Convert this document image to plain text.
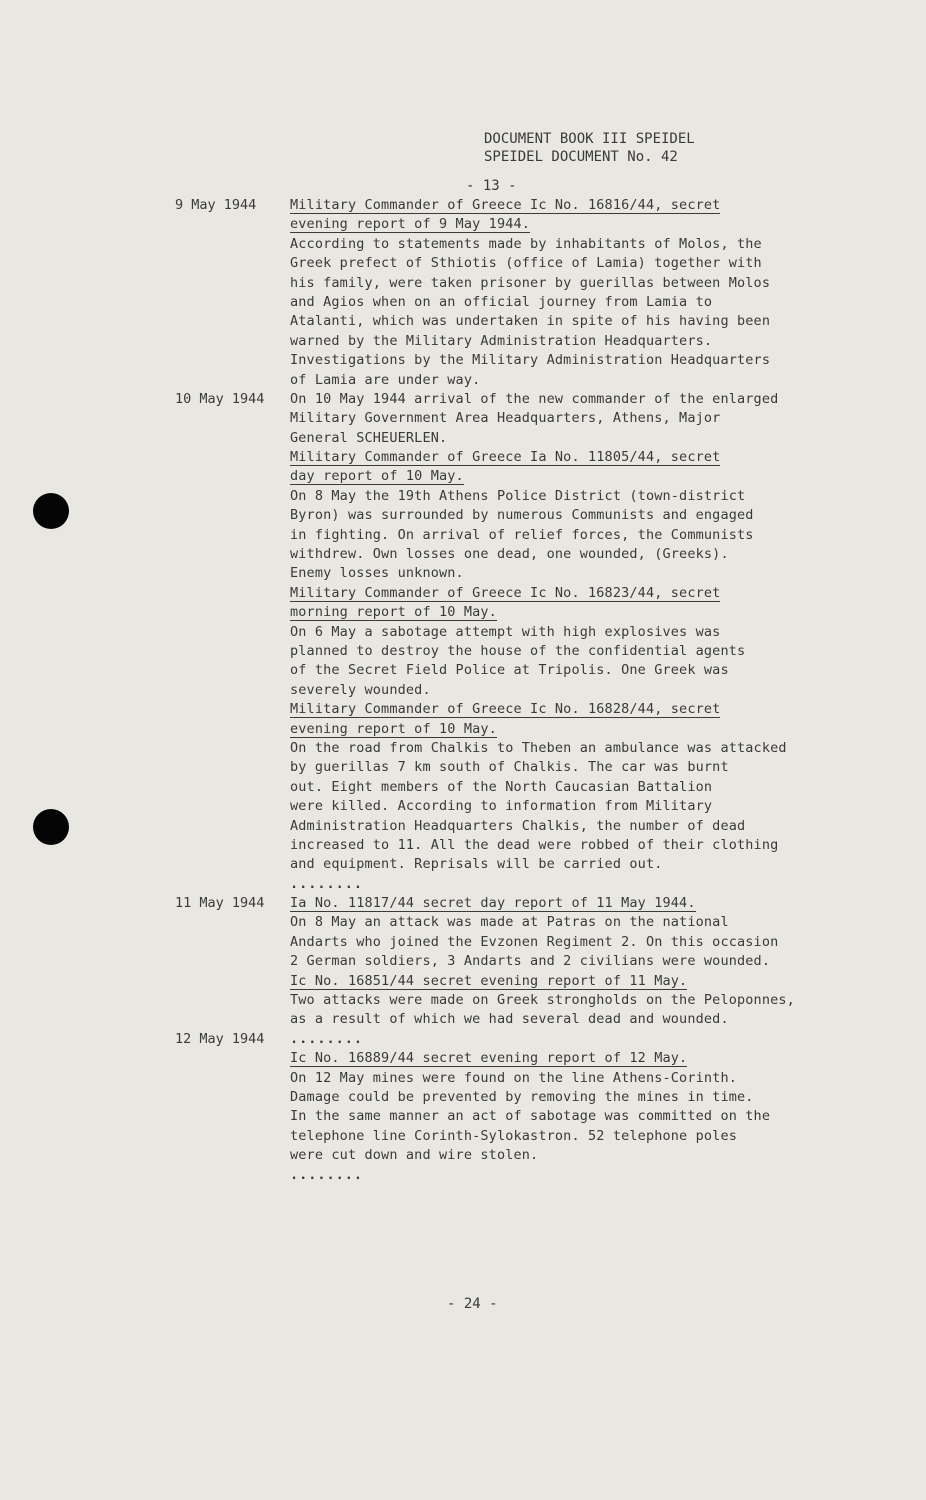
DOCUMENT BOOK III SPEIDEL
SPEIDEL DOCUMENT No. 42
- 13 -
9 May 1944 Military Commander of Greece Ic No. 16816/44, secret
evening report of 9 May 1944.
According to statements made by inhabitants of Molos, the
Greek prefect of Sthiotis (office of Lamia) together with
his family, were taken prisoner by guerillas between Molos
and Agios when on an official journey from Lamia to
Atalanti, which was undertaken in spite of his having been
warned by the Military Administration Headquarters.
Investigations by the Military Administration Headquarters
of Lamia are under way.
10 May 1944 On 10 May 1944 arrival of the new commander of the enlarged
Military Government Area Headquarters, Athens, Major
General SCHEUERLEN.
Military Commander of Greece Ia No. 11805/44, secret
day report of 10 May.
On 8 May the 19th Athens Police District (town-district
Byron) was surrounded by numerous Communists and engaged
in fighting. On arrival of relief forces, the Communists
withdrew. Own losses one dead, one wounded, (Greeks).
Enemy losses unknown.
Military Commander of Greece Ic No. 16823/44, secret
morning report of 10 May.
On 6 May a sabotage attempt with high explosives was
planned to destroy the house of the confidential agents
of the Secret Field Police at Tripolis. One Greek was
severely wounded.
Military Commander of Greece Ic No. 16828/44, secret
evening report of 10 May.
On the road from Chalkis to Theben an ambulance was attacked
by guerillas 7 km south of Chalkis. The car was burnt
out. Eight members of the North Caucasian Battalion
were killed. According to information from Military
Administration Headquarters Chalkis, the number of dead
increased to 11. All the dead were robbed of their clothing
and equipment. Reprisals will be carried out.
........
11 May 1944 Ia No. 11817/44 secret day report of 11 May 1944.
On 8 May an attack was made at Patras on the national
Andarts who joined the Evzonen Regiment 2. On this occasion
2 German soldiers, 3 Andarts and 2 civilians were wounded.
Ic No. 16851/44 secret evening report of 11 May.
Two attacks were made on Greek strongholds on the Peloponnes,
as a result of which we had several dead and wounded.
12 May 1944 ........
Ic No. 16889/44 secret evening report of 12 May.
On 12 May mines were found on the line Athens-Corinth.
Damage could be prevented by removing the mines in time.
In the same manner an act of sabotage was committed on the
telephone line Corinth-Sylokastron. 52 telephone poles
were cut down and wire stolen.
........
- 24 -
